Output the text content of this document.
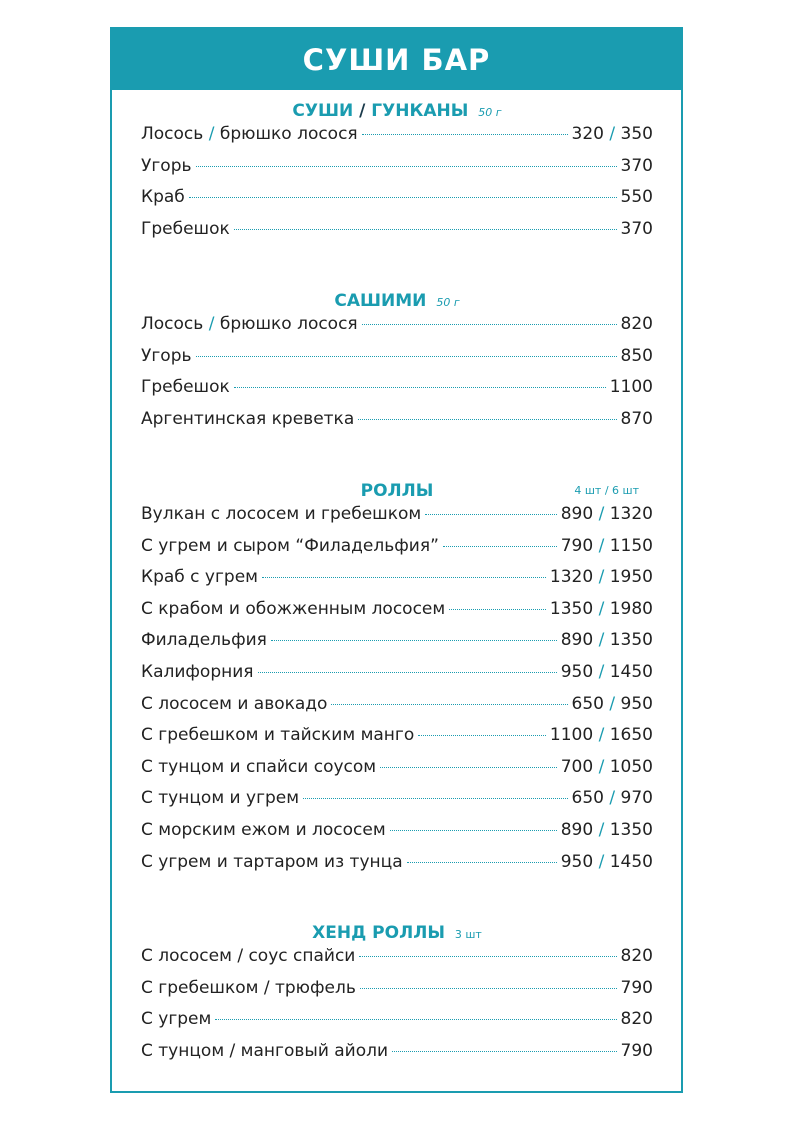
СУШИ БАР
СУШИ / ГУНКАНЫ 50 г
Лосось / брюшко лосося	320 / 350
Угорь	370
Краб	550
Гребешок	370
САШИМИ 50 г
Лосось / брюшко лосося	820
Угорь	850
Гребешок	1100
Аргентинская креветка	870
РОЛЛЫ	4 шт / 6 шт
Вулкан с лососем и гребешком	890 / 1320
С угрем и сыром “Филадельфия”	790 / 1150
Краб с угрем	1320 / 1950
С крабом и обожженным лососем	1350 / 1980
Филадельфия	890 / 1350
Калифорния	950 / 1450
С лососем и авокадо	650 / 950
С гребешком и тайским манго	1100 / 1650
С тунцом и спайси соусом	700 / 1050
С тунцом и угрем	650 / 970
С морским ежом и лососем	890 / 1350
С угрем и тартаром из тунца	950 / 1450
ХЕНД РОЛЛЫ 3 шт
С лососем / соус спайси	820
С гребешком / трюфель	790
С угрем	820
С тунцом / манговый айоли	790
